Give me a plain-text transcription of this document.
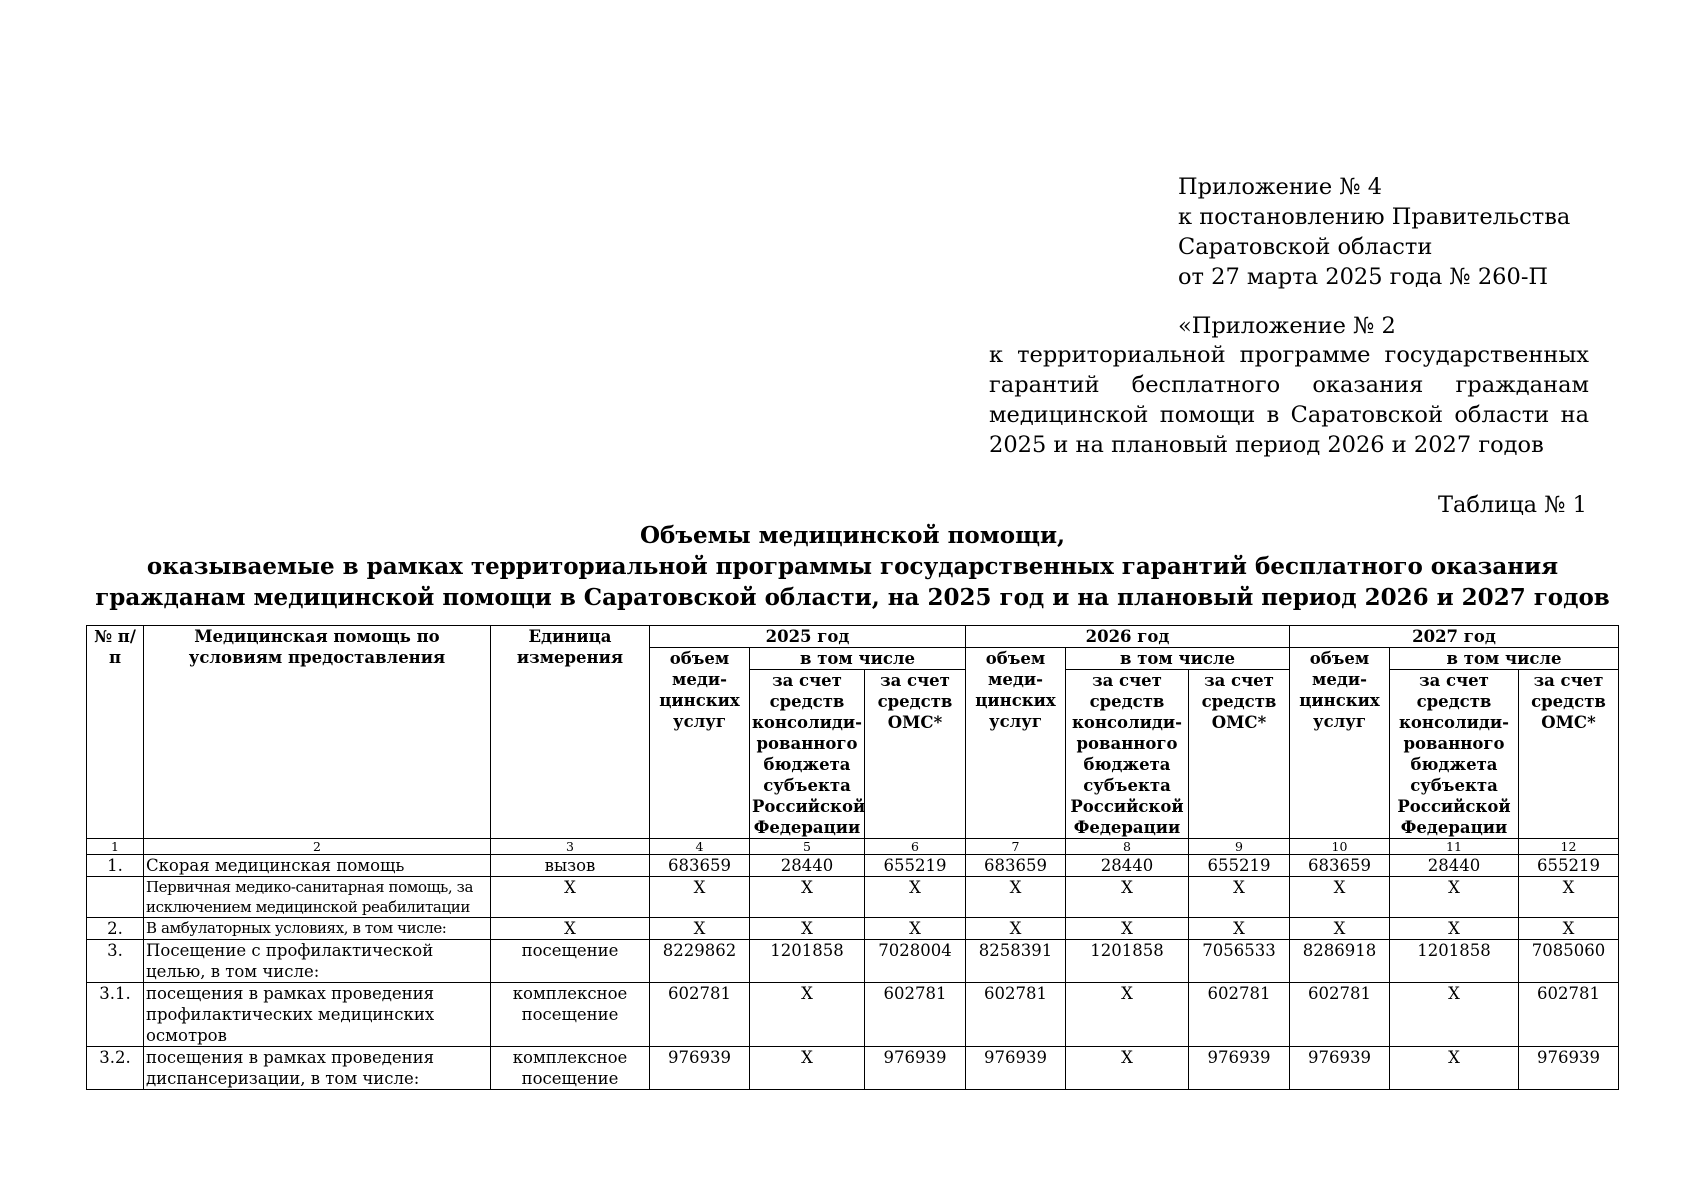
Приложение № 4
к постановлению Правительства
Саратовской области
от 27 марта 2025 года № 260-П
«Приложение № 2
к территориальной программе государственных гарантий бесплатного оказания гражданам медицинской помощи в Саратовской области на 2025 и на плановый период 2026 и 2027 годов
Таблица № 1
Объемы медицинской помощи,
оказываемые в рамках территориальной программы государственных гарантий бесплатного оказания
гражданам медицинской помощи в Саратовской области, на 2025 год и на плановый период 2026 и 2027 годов
№ п/п	Медицинская помощь по условиям предоставления	Единица измерения	2025 год			2026 год			2027 год		
			объем меди-цинских услуг	в том числе		объем меди-цинских услуг	в том числе		объем меди-цинских услуг	в том числе	
				за счет средств консолиди-рованного бюджета субъекта Российской Федерации	за счет средств ОМС*		за счет средств консолиди-рованного бюджета субъекта Российской Федерации	за счет средств ОМС*		за счет средств консолиди-рованного бюджета субъекта Российской Федерации	за счет средств ОМС*
1	2	3	4	5	6	7	8	9	10	11	12
1.	Скорая медицинская помощь	вызов	683659	28440	655219	683659	28440	655219	683659	28440	655219
	Первичная медико-санитарная помощь, за исключением медицинской реабилитации	Х	Х	Х	Х	Х	Х	Х	Х	Х	Х
2.	В амбулаторных условиях, в том числе:	Х	Х	Х	Х	Х	Х	Х	Х	Х	Х
3.	Посещение с профилактической целью, в том числе:	посещение	8229862	1201858	7028004	8258391	1201858	7056533	8286918	1201858	7085060
3.1.	посещения в рамках проведения профилактических медицинских осмотров	комплексное посещение	602781	Х	602781	602781	Х	602781	602781	Х	602781
3.2.	посещения в рамках проведения диспансеризации, в том числе:	комплексное посещение	976939	Х	976939	976939	Х	976939	976939	Х	976939
